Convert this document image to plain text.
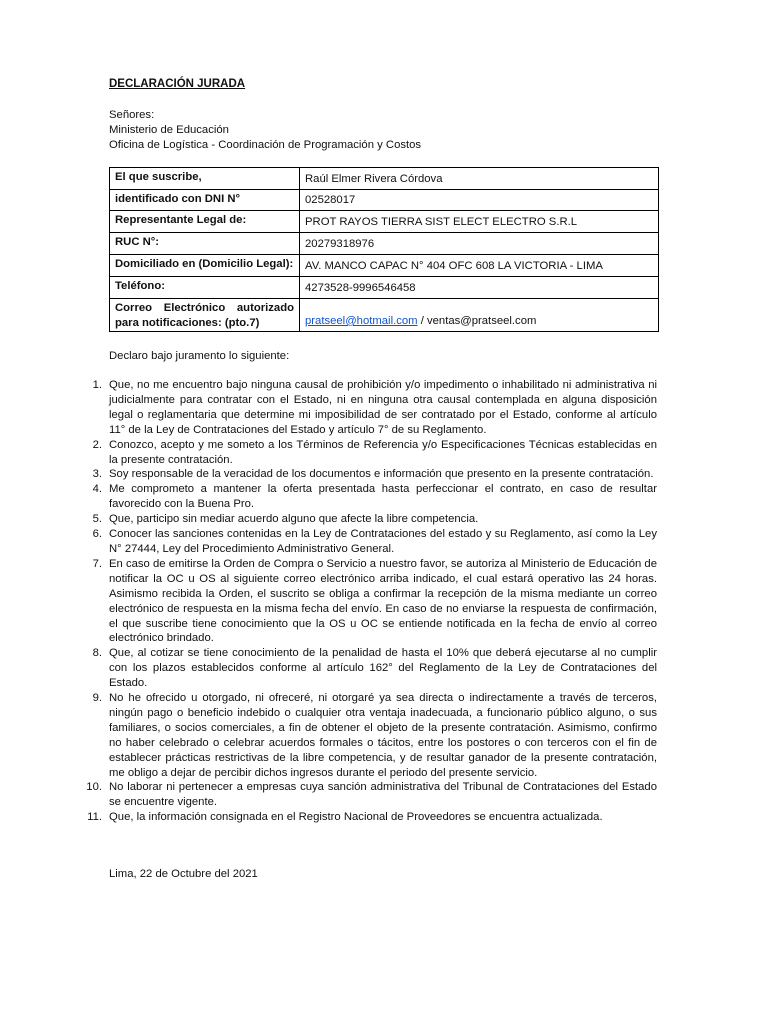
DECLARACIÓN JURADA
Señores:
Ministerio de Educación
Oficina de Logística - Coordinación de Programación y Costos
El que suscribe,	Raúl Elmer Rivera Córdova
identificado con DNI N°	02528017
Representante Legal de:	PROT RAYOS TIERRA SIST ELECT ELECTRO S.R.L
RUC N°:	20279318976
Domiciliado en (Domicilio Legal):	AV. MANCO CAPAC N° 404 OFC 608 LA VICTORIA - LIMA
Teléfono:	4273528-9996546458
Correo Electrónico autorizado para notificaciones: (pto.7)	pratseel@hotmail.com / ventas@pratseel.com
Declaro bajo juramento lo siguiente:
1. Que, no me encuentro bajo ninguna causal de prohibición y/o impedimento o inhabilitado ni administrativa ni judicialmente para contratar con el Estado, ni en ninguna otra causal contemplada en alguna disposición legal o reglamentaria que determine mi imposibilidad de ser contratado por el Estado, conforme al artículo 11° de la Ley de Contrataciones del Estado y artículo 7° de su Reglamento.
2. Conozco, acepto y me someto a los Términos de Referencia y/o Especificaciones Técnicas establecidas en la presente contratación.
3. Soy responsable de la veracidad de los documentos e información que presento en la presente contratación.
4. Me comprometo a mantener la oferta presentada hasta perfeccionar el contrato, en caso de resultar favorecido con la Buena Pro.
5. Que, participo sin mediar acuerdo alguno que afecte la libre competencia.
6. Conocer las sanciones contenidas en la Ley de Contrataciones del estado y su Reglamento, así como la Ley N° 27444, Ley del Procedimiento Administrativo General.
7. En caso de emitirse la Orden de Compra o Servicio a nuestro favor, se autoriza al Ministerio de Educación de notificar la OC u OS al siguiente correo electrónico arriba indicado, el cual estará operativo las 24 horas. Asimismo recibida la Orden, el suscrito se obliga a confirmar la recepción de la misma mediante un correo electrónico de respuesta en la misma fecha del envío. En caso de no enviarse la respuesta de confirmación, el que suscribe tiene conocimiento que la OS u OC se entiende notificada en la fecha de envío al correo electrónico brindado.
8. Que, al cotizar se tiene conocimiento de la penalidad de hasta el 10% que deberá ejecutarse al no cumplir con los plazos establecidos conforme al artículo 162° del Reglamento de la Ley de Contrataciones del Estado.
9. No he ofrecido u otorgado, ni ofreceré, ni otorgaré ya sea directa o indirectamente a través de terceros, ningún pago o beneficio indebido o cualquier otra ventaja inadecuada, a funcionario público alguno, o sus familiares, o socios comerciales, a fin de obtener el objeto de la presente contratación. Asimismo, confirmo no haber celebrado o celebrar acuerdos formales o tácitos, entre los postores o con terceros con el fin de establecer prácticas restrictivas de la libre competencia, y de resultar ganador de la presente contratación, me obligo a dejar de percibir dichos ingresos durante el periodo del presente servicio.
10. No laborar ni pertenecer a empresas cuya sanción administrativa del Tribunal de Contrataciones del Estado se encuentre vigente.
11. Que, la información consignada en el Registro Nacional de Proveedores se encuentra actualizada.
Lima, 22 de Octubre del 2021
